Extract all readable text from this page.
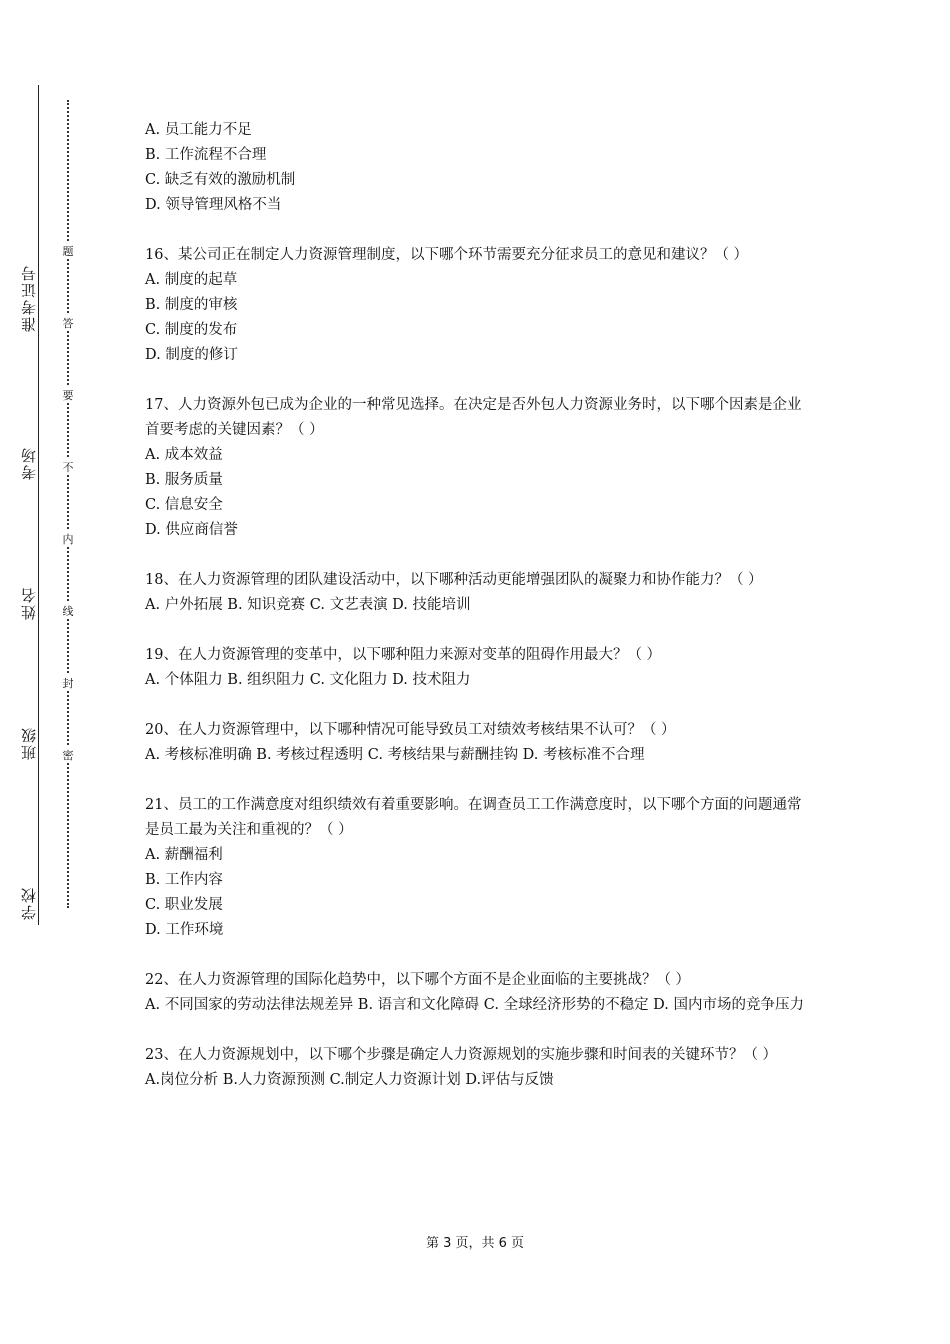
准考证号
考场
姓名
班级
学校
题
答
要
不
内
线
封
密

A. 员工能力不足

B. 工作流程不合理

C. 缺乏有效的激励机制

D. 领导管理风格不当

16、某公司正在制定人力资源管理制度，以下哪个环节需要充分征求员工的意见和建议？（ ）

A. 制度的起草

B. 制度的审核

C. 制度的发布

D. 制度的修订

17、人力资源外包已成为企业的一种常见选择。在决定是否外包人力资源业务时，以下哪个因素是企业首要考虑的关键因素？（ ）

A. 成本效益

B. 服务质量

C. 信息安全

D. 供应商信誉

18、在人力资源管理的团队建设活动中，以下哪种活动更能增强团队的凝聚力和协作能力？（ ）

A. 户外拓展 B. 知识竞赛 C. 文艺表演 D. 技能培训

19、在人力资源管理的变革中，以下哪种阻力来源对变革的阻碍作用最大？（ ）

A. 个体阻力 B. 组织阻力 C. 文化阻力 D. 技术阻力

20、在人力资源管理中，以下哪种情况可能导致员工对绩效考核结果不认可？（ ）

A. 考核标准明确 B. 考核过程透明 C. 考核结果与薪酬挂钩 D. 考核标准不合理

21、员工的工作满意度对组织绩效有着重要影响。在调查员工工作满意度时，以下哪个方面的问题通常是员工最为关注和重视的？（ ）

A. 薪酬福利

B. 工作内容

C. 职业发展

D. 工作环境

22、在人力资源管理的国际化趋势中，以下哪个方面不是企业面临的主要挑战？（ ）

A. 不同国家的劳动法律法规差异 B. 语言和文化障碍 C. 全球经济形势的不稳定 D. 国内市场的竞争压力

23、在人力资源规划中，以下哪个步骤是确定人力资源规划的实施步骤和时间表的关键环节？（ ）

A.岗位分析 B.人力资源预测 C.制定人力资源计划 D.评估与反馈

第 3 页，共 6 页
